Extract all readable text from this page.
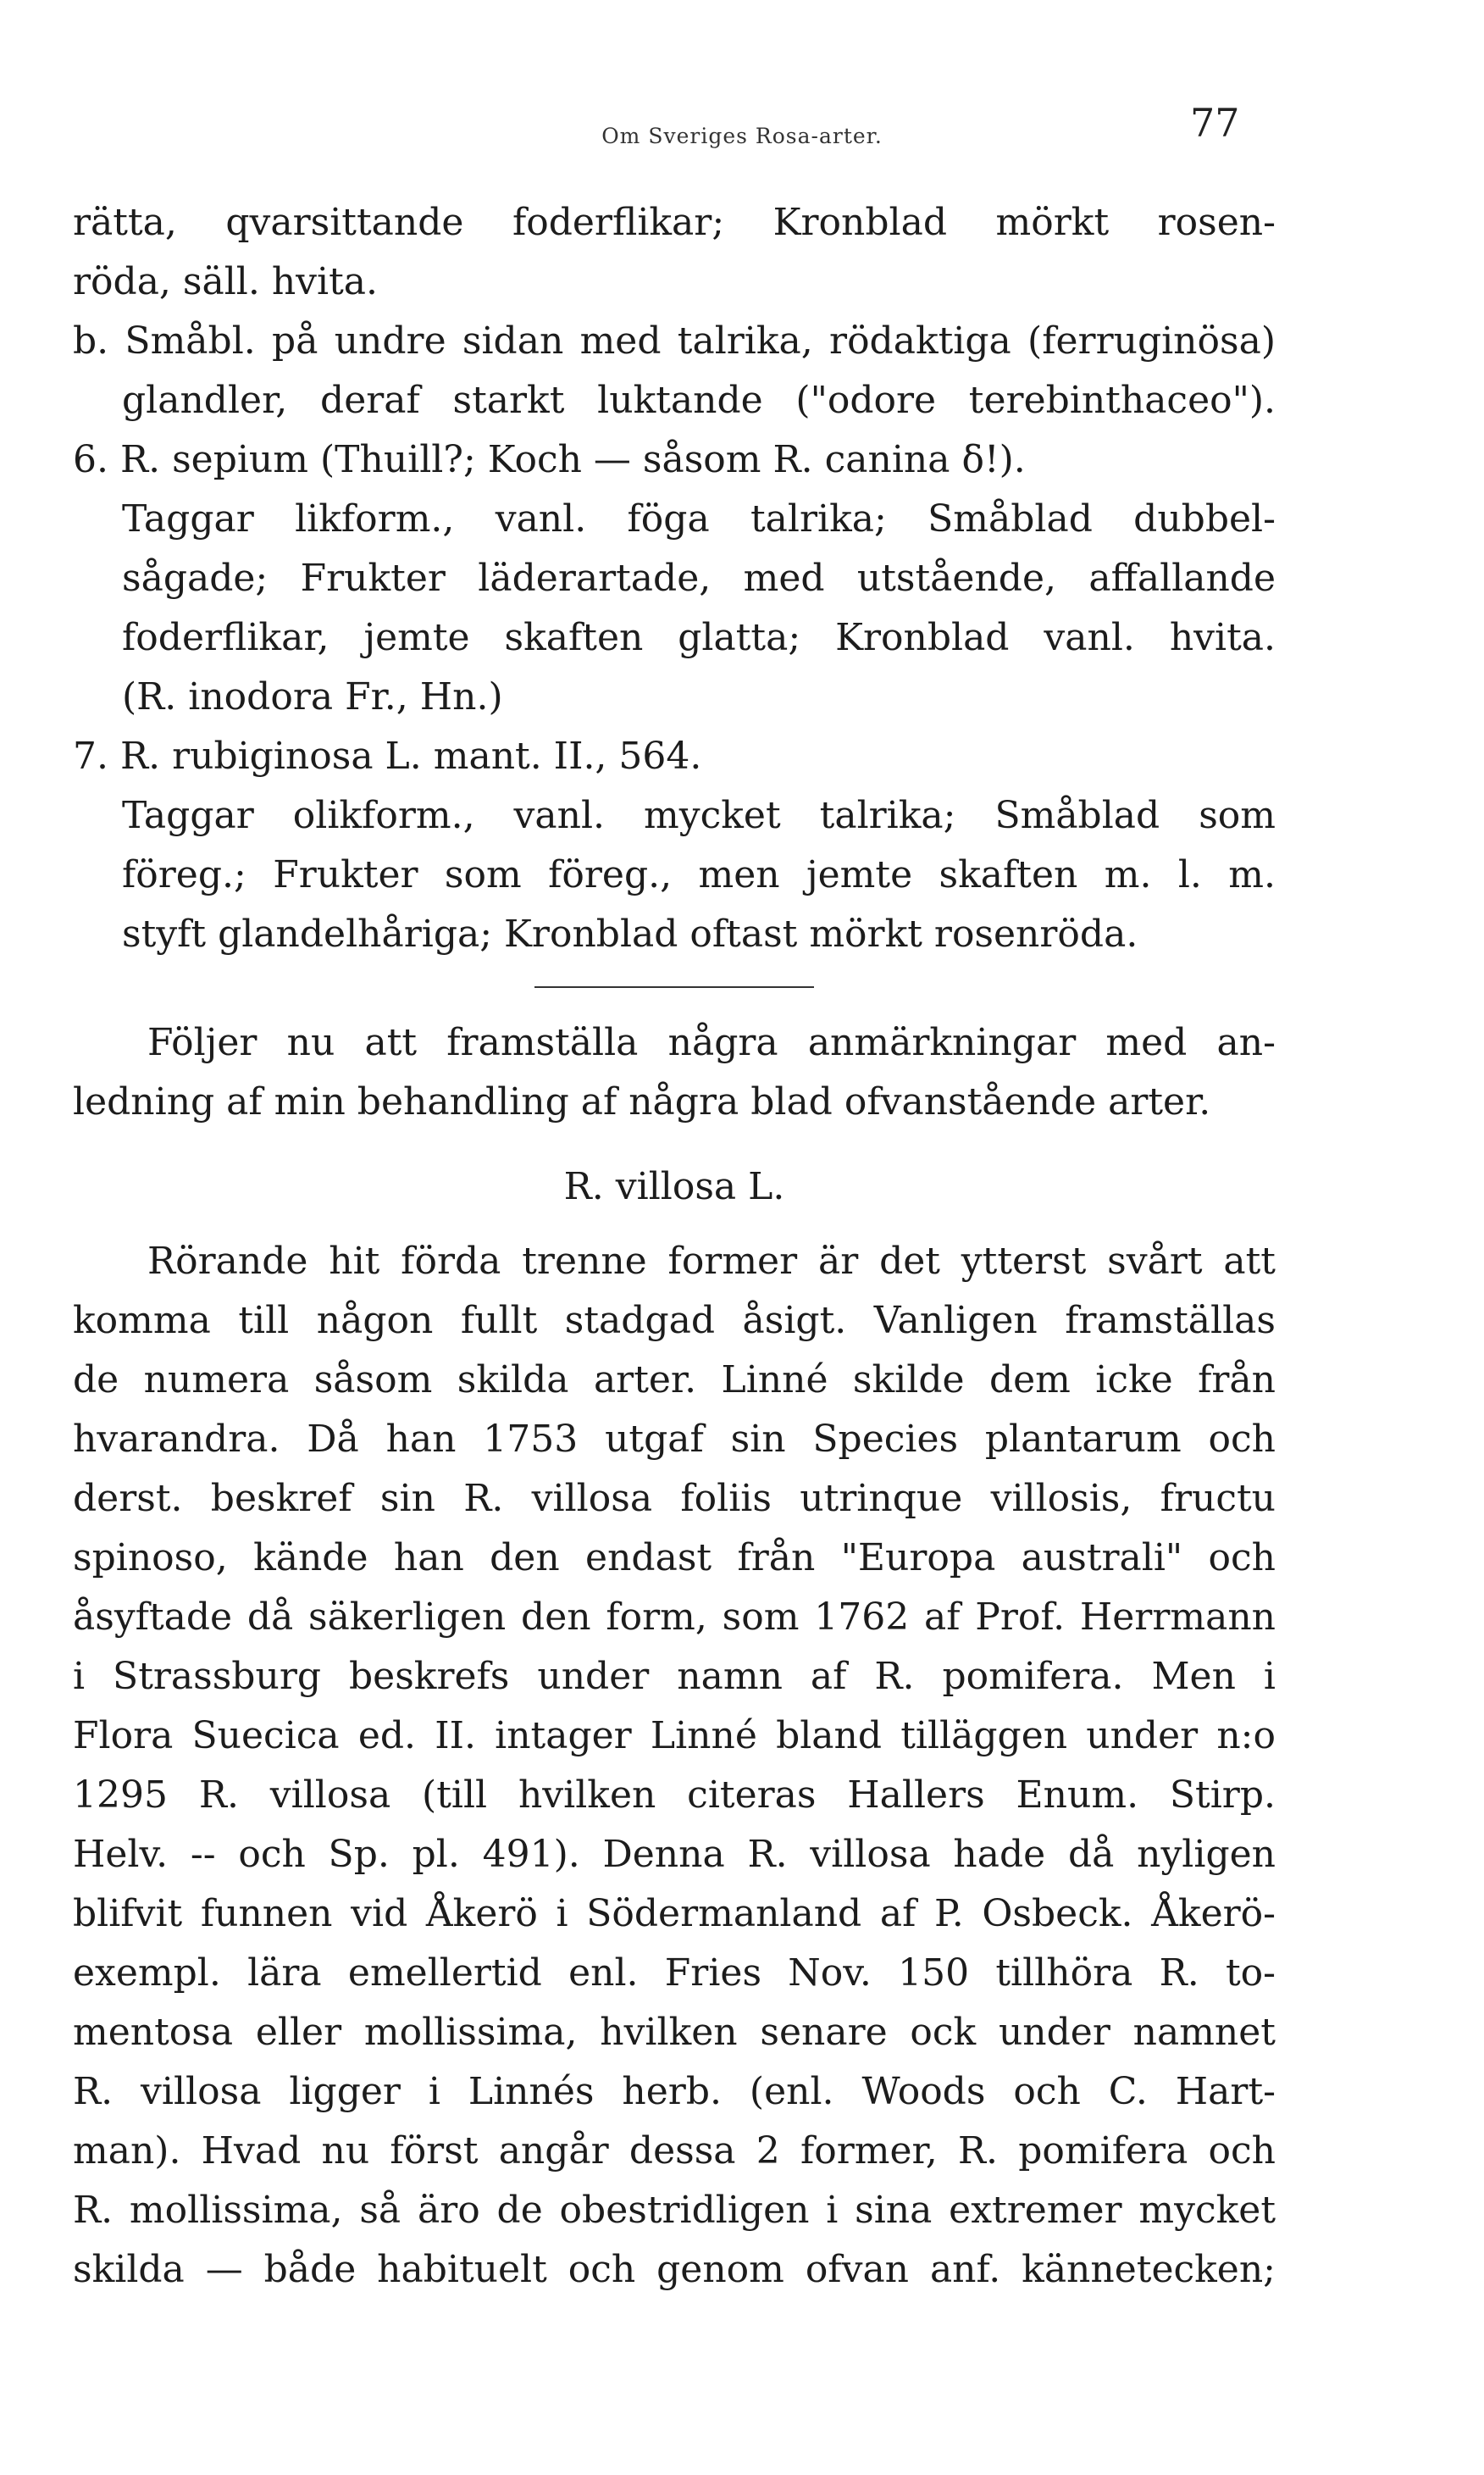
Om Sveriges Rosa-arter.	77
rätta, qvarsittande foderflikar; Kronblad mörkt rosen-
röda, säll. hvita.
b. Småbl. på undre sidan med talrika, rödaktiga (ferruginösa)
glandler, deraf starkt luktande ("odore terebinthaceo").
6. R. sepium (Thuill?; Koch — såsom R. canina δ!).
Taggar likform., vanl. föga talrika; Småblad dubbel-
sågade; Frukter läderartade, med utstående, affallande
foderflikar, jemte skaften glatta; Kronblad vanl. hvita.
(R. inodora Fr., Hn.)
7. R. rubiginosa L. mant. II., 564.
Taggar olikform., vanl. mycket talrika; Småblad som
föreg.; Frukter som föreg., men jemte skaften m. l. m.
styft glandelhåriga; Kronblad oftast mörkt rosenröda.
Följer nu att framställa några anmärkningar med an-
ledning af min behandling af några blad ofvanstående arter.
R. villosa L.
Rörande hit förda trenne former är det ytterst svårt att
komma till någon fullt stadgad åsigt. Vanligen framställas
de numera såsom skilda arter. Linné skilde dem icke från
hvarandra. Då han 1753 utgaf sin Species plantarum och
derst. beskref sin R. villosa foliis utrinque villosis, fructu
spinoso, kände han den endast från "Europa australi" och
åsyftade då säkerligen den form, som 1762 af Prof. Herrmann
i Strassburg beskrefs under namn af R. pomifera. Men i
Flora Suecica ed. II. intager Linné bland tilläggen under n:o
1295 R. villosa (till hvilken citeras Hallers Enum. Stirp.
Helv. -- och Sp. pl. 491). Denna R. villosa hade då nyligen
blifvit funnen vid Åkerö i Södermanland af P. Osbeck. Åkerö-
exempl. lära emellertid enl. Fries Nov. 150 tillhöra R. to-
mentosa eller mollissima, hvilken senare ock under namnet
R. villosa ligger i Linnés herb. (enl. Woods och C. Hart-
man). Hvad nu först angår dessa 2 former, R. pomifera och
R. mollissima, så äro de obestridligen i sina extremer mycket
skilda — både habituelt och genom ofvan anf. kännetecken;
